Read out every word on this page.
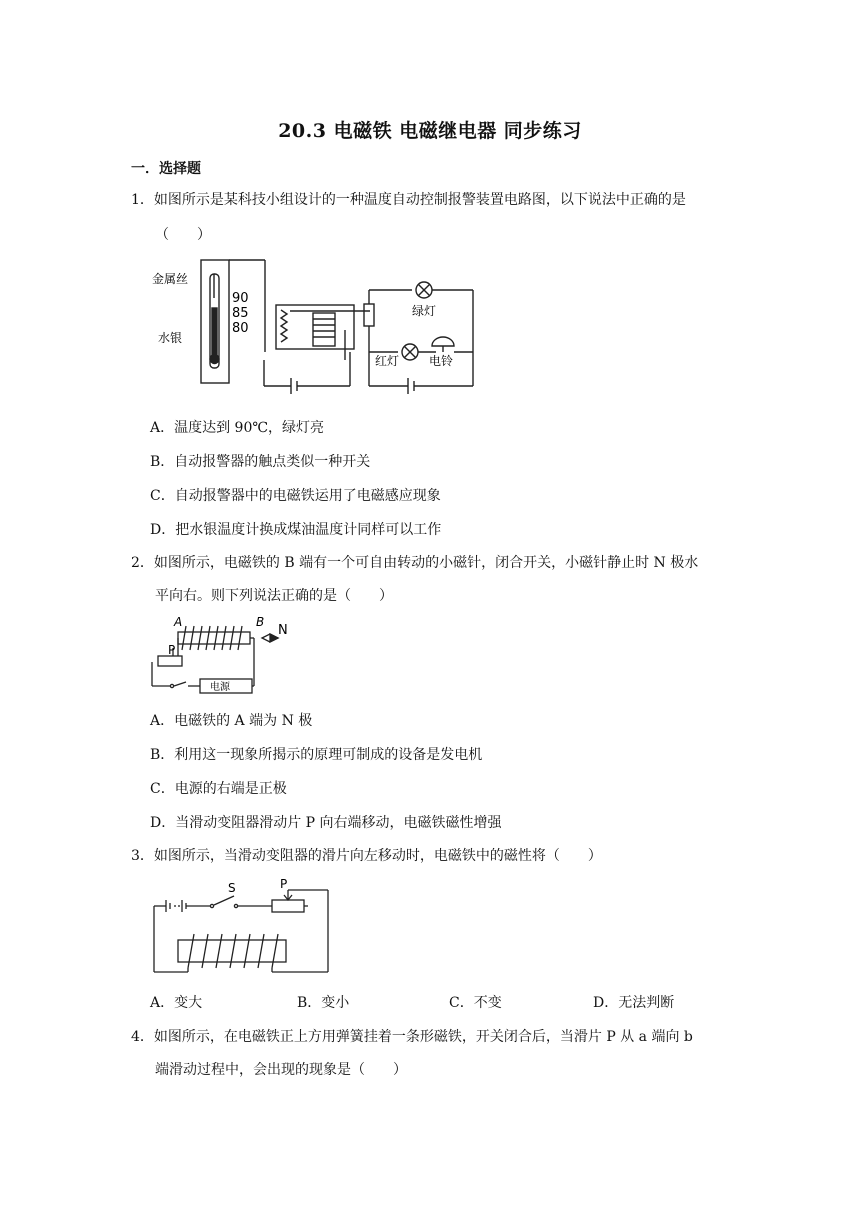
20.3 电磁铁 电磁继电器 同步练习
一．选择题
1．如图所示是某科技小组设计的一种温度自动控制报警装置电路图，以下说法中正确的是
（　　）
金属丝
水银
90
85
80
绿灯
红灯 电铃
A．温度达到 90℃，绿灯亮
B．自动报警器的触点类似一种开关
C．自动报警器中的电磁铁运用了电磁感应现象
D．把水银温度计换成煤油温度计同样可以工作
2．如图所示，电磁铁的 B 端有一个可自由转动的小磁针，闭合开关，小磁针静止时 N 极水
平向右。则下列说法正确的是（　　）
A	B
N
P
电源
A．电磁铁的 A 端为 N 极
B．利用这一现象所揭示的原理可制成的设备是发电机
C．电源的右端是正极
D．当滑动变阻器滑动片 P 向右端移动，电磁铁磁性增强
3．如图所示，当滑动变阻器的滑片向左移动时，电磁铁中的磁性将（　　）
S	P
A．变大	B．变小	C．不变	D．无法判断
4．如图所示，在电磁铁正上方用弹簧挂着一条形磁铁，开关闭合后，当滑片 P 从 a 端向 b
端滑动过程中，会出现的现象是（　　）
